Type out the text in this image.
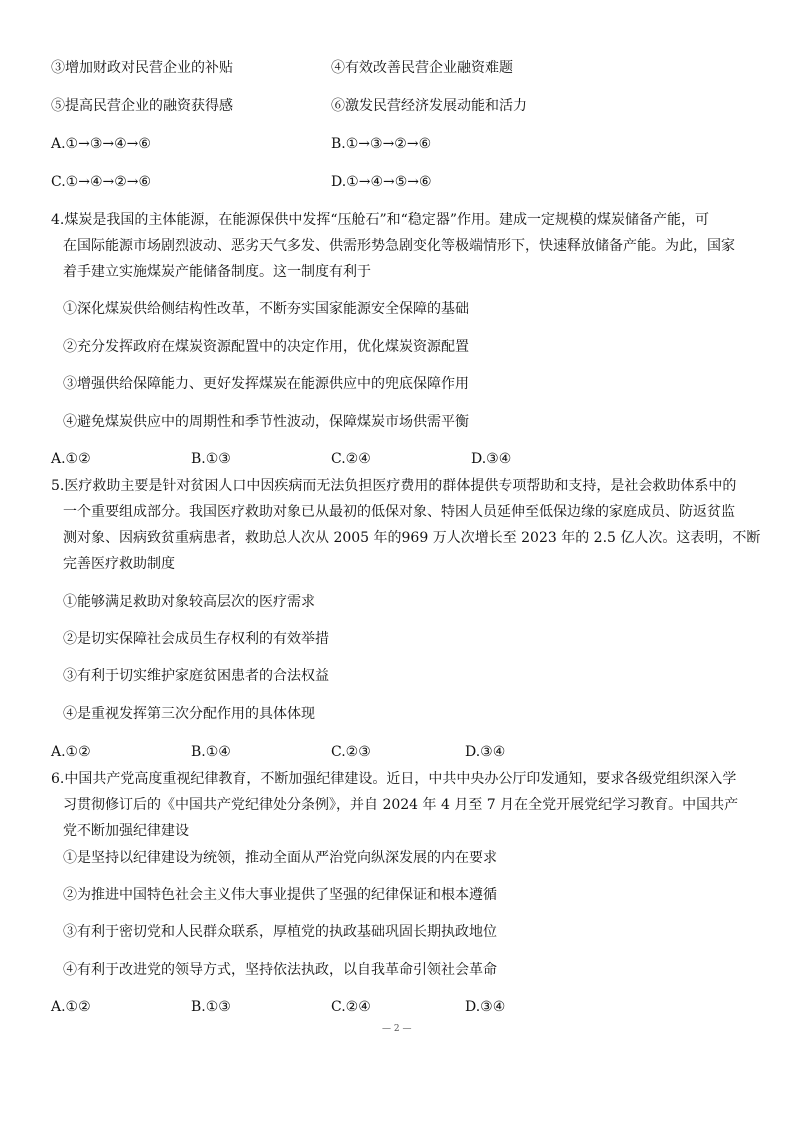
③增加财政对民营企业的补贴	④有效改善民营企业融资难题
⑤提高民营企业的融资获得感	⑥激发民营经济发展动能和活力
A.①→③→④→⑥	B.①→③→②→⑥
C.①→④→②→⑥	D.①→④→⑤→⑥
4.煤炭是我国的主体能源，在能源保供中发挥“压舱石”和“稳定器”作用。建成一定规模的煤炭储备产能，可
在国际能源市场剧烈波动、恶劣天气多发、供需形势急剧变化等极端情形下，快速释放储备产能。为此，国家
着手建立实施煤炭产能储备制度。这一制度有利于
①深化煤炭供给侧结构性改革，不断夯实国家能源安全保障的基础
②充分发挥政府在煤炭资源配置中的决定作用，优化煤炭资源配置
③增强供给保障能力、更好发挥煤炭在能源供应中的兜底保障作用
④避免煤炭供应中的周期性和季节性波动，保障煤炭市场供需平衡
A.①②	B.①③	C.②④	D.③④
5.医疗救助主要是针对贫困人口中因疾病而无法负担医疗费用的群体提供专项帮助和支持，是社会救助体系中的
一个重要组成部分。我国医疗救助对象已从最初的低保对象、特困人员延伸至低保边缘的家庭成员、防返贫监
测对象、因病致贫重病患者，救助总人次从 2005 年的969 万人次增长至 2023 年的 2.5 亿人次。这表明，不断
完善医疗救助制度
①能够满足救助对象较高层次的医疗需求
②是切实保障社会成员生存权利的有效举措
③有利于切实维护家庭贫困患者的合法权益
④是重视发挥第三次分配作用的具体体现
A.①②	B.①④	C.②③	D.③④
6.中国共产党高度重视纪律教育，不断加强纪律建设。近日，中共中央办公厅印发通知，要求各级党组织深入学
习贯彻修订后的《中国共产党纪律处分条例》，并自 2024 年 4 月至 7 月在全党开展党纪学习教育。中国共产
党不断加强纪律建设
①是坚持以纪律建设为统领，推动全面从严治党向纵深发展的内在要求
②为推进中国特色社会主义伟大事业提供了坚强的纪律保证和根本遵循
③有利于密切党和人民群众联系，厚植党的执政基础巩固长期执政地位
④有利于改进党的领导方式，坚持依法执政，以自我革命引领社会革命
A.①②	B.①③	C.②④	D.③④
— 2 —
